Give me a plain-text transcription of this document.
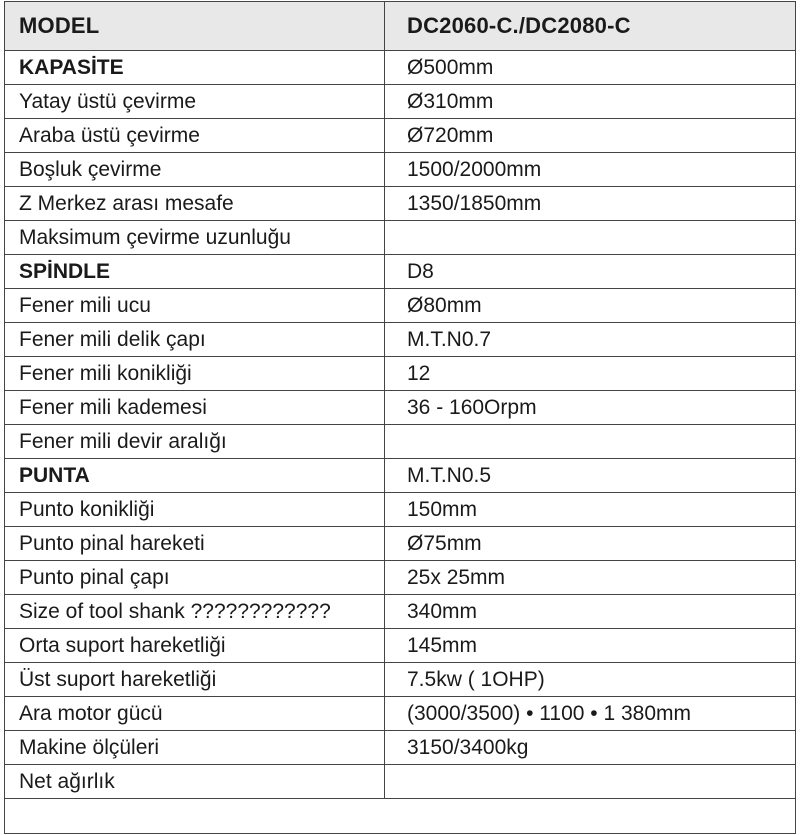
MODEL	DC2060-C./DC2080-C
KAPASİTE	Ø500mm
Yatay üstü çevirme	Ø310mm
Araba üstü çevirme	Ø720mm
Boşluk çevirme	1500/2000mm
Z Merkez arası mesafe	1350/1850mm
Maksimum çevirme uzunluğu	
SPİNDLE	D8
Fener mili ucu	Ø80mm
Fener mili delik çapı	M.T.N0.7
Fener mili konikliği	12
Fener mili kademesi	36 - 160Orpm
Fener mili devir aralığı	
PUNTA	M.T.N0.5
Punto konikliği	150mm
Punto pinal hareketi	Ø75mm
Punto pinal çapı	25x 25mm
Size of tool shank ????????????	340mm
Orta suport hareketliği	145mm
Üst suport hareketliği	7.5kw ( 1OHP)
Ara motor gücü	(3000/3500) • 1100 • 1 380mm
Makine ölçüleri	3150/3400kg
Net ağırlık	
